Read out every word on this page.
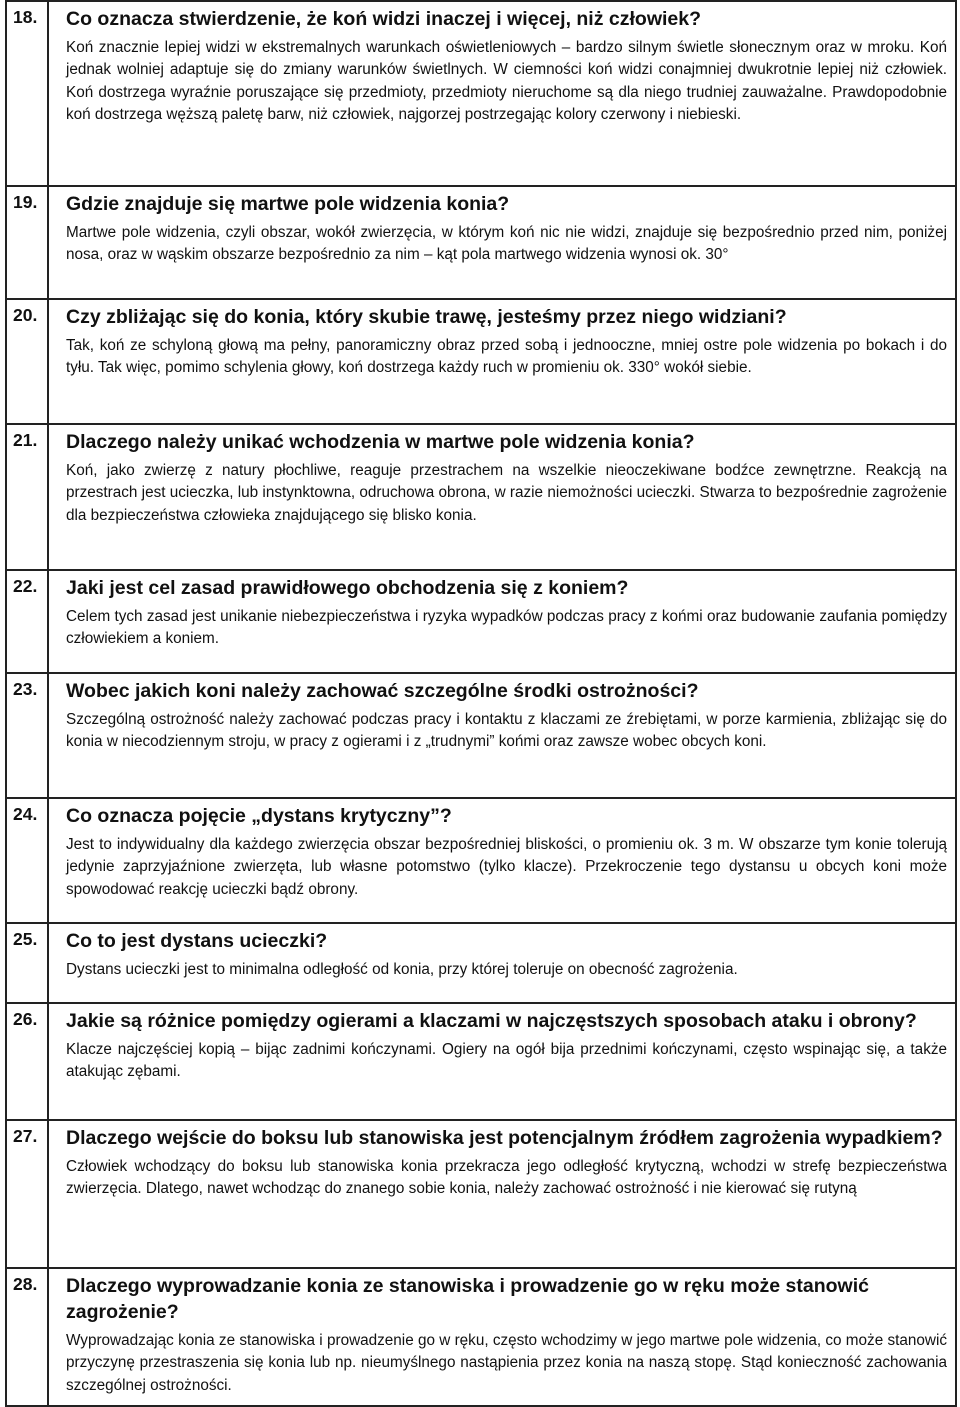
18.	Co oznacza stwierdzenie, że koń widzi inaczej i więcej, niż człowiek?

Koń znacznie lepiej widzi w ekstremalnych warunkach oświetleniowych – bardzo silnym świetle słonecznym oraz w mroku. Koń jednak wolniej adaptuje się do zmiany warunków świetlnych. W ciemności koń widzi conajmniej dwukrotnie lepiej niż człowiek. Koń dostrzega wyraźnie poruszające się przedmioty, przedmioty nieruchome są dla niego trudniej zauważalne. Prawdopodobnie koń dostrzega węższą paletę barw, niż człowiek, najgorzej postrzegając kolory czerwony i niebieski.

19.	Gdzie znajduje się martwe pole widzenia konia?

Martwe pole widzenia, czyli obszar, wokół zwierzęcia, w którym koń nic nie widzi, znajduje się bezpośrednio przed nim, poniżej nosa, oraz w wąskim obszarze bezpośrednio za nim – kąt pola martwego widzenia wynosi ok. 30°

20.	Czy zbliżając się do konia, który skubie trawę, jesteśmy przez niego widziani?

Tak, koń ze schyloną głową ma pełny, panoramiczny obraz przed sobą i jednooczne, mniej ostre pole widzenia po bokach i do tyłu. Tak więc, pomimo schylenia głowy, koń dostrzega każdy ruch w promieniu ok. 330° wokół siebie.

21.	Dlaczego należy unikać wchodzenia w martwe pole widzenia konia?

Koń, jako zwierzę z natury płochliwe, reaguje przestrachem na wszelkie nieoczekiwane bodźce zewnętrzne. Reakcją na przestrach jest ucieczka, lub instynktowna, odruchowa obrona, w razie niemożności ucieczki. Stwarza to bezpośrednie zagrożenie dla bezpieczeństwa człowieka znajdującego się blisko konia.

22.	Jaki jest cel zasad prawidłowego obchodzenia się z koniem?

Celem tych zasad jest unikanie niebezpieczeństwa i ryzyka wypadków podczas pracy z końmi oraz budowanie zaufania pomiędzy człowiekiem a koniem.

23.	Wobec jakich koni należy zachować szczególne środki ostrożności?

Szczególną ostrożność należy zachować podczas pracy i kontaktu z klaczami ze źrebiętami, w porze karmienia, zbliżając się do konia w niecodziennym stroju, w pracy z ogierami i z „trudnymi” końmi oraz zawsze wobec obcych koni.

24.	Co oznacza pojęcie „dystans krytyczny”?

Jest to indywidualny dla każdego zwierzęcia obszar bezpośredniej bliskości, o promieniu ok. 3 m. W obszarze tym konie tolerują jedynie zaprzyjaźnione zwierzęta, lub własne potomstwo (tylko klacze). Przekroczenie tego dystansu u obcych koni może spowodować reakcję ucieczki bądź obrony.

25.	Co to jest dystans ucieczki?

Dystans ucieczki jest to minimalna odległość od konia, przy której toleruje on obecność zagrożenia.

26.	Jakie są różnice pomiędzy ogierami a klaczami w najczęstszych sposobach ataku i obrony?

Klacze najczęściej kopią – bijąc zadnimi kończynami. Ogiery na ogół bija przednimi kończynami, często wspinając się, a także atakując zębami.

27.	Dlaczego wejście do boksu lub stanowiska jest potencjalnym źródłem zagrożenia wypadkiem?

Człowiek wchodzący do boksu lub stanowiska konia przekracza jego odległość krytyczną, wchodzi w strefę bezpieczeństwa zwierzęcia. Dlatego, nawet wchodząc do znanego sobie konia, należy zachować ostrożność i nie kierować się rutyną

28.	Dlaczego wyprowadzanie konia ze stanowiska i prowadzenie go w ręku może stanowić zagrożenie?

Wyprowadzając konia ze stanowiska i prowadzenie go w ręku, często wchodzimy w jego martwe pole widzenia, co może stanowić przyczynę przestraszenia się konia lub np. nieumyślnego nastąpienia przez konia na naszą stopę. Stąd konieczność zachowania szczególnej ostrożności.
